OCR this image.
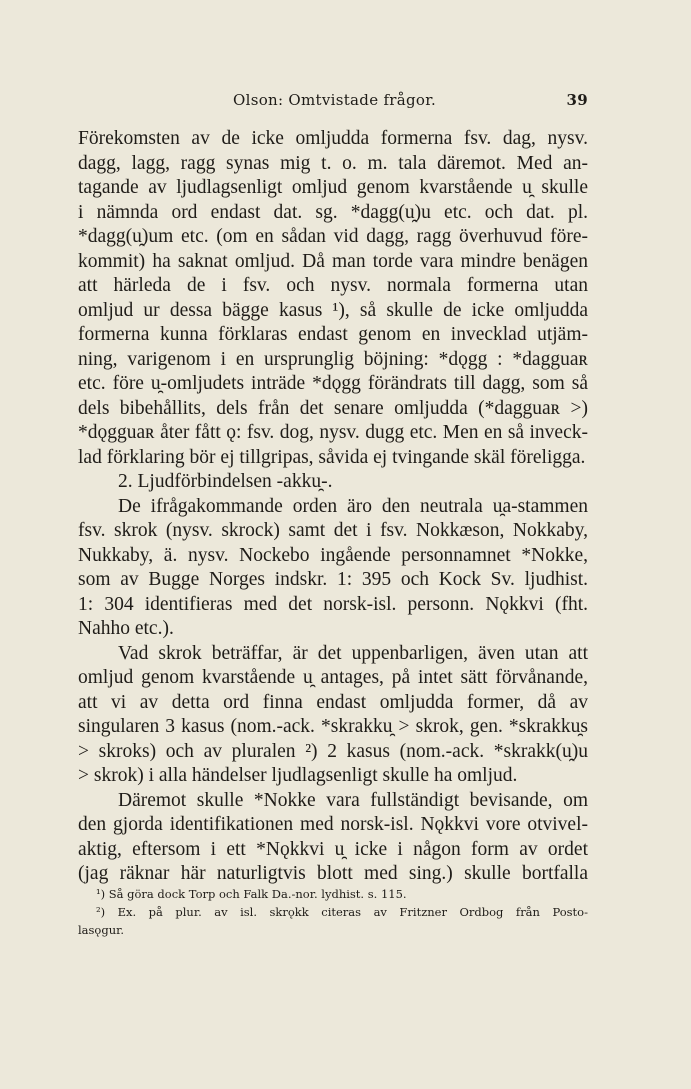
Olson: Omtvistade frågor.	39
Förekomsten av de icke omljudda formerna fsv. dag, nysv.
dagg, lagg, ragg synas mig t. o. m. tala däremot. Med an-
tagande av ljudlagsenligt omljud genom kvarstående u̯ skulle
i nämnda ord endast dat. sg. *dagg(u̯)u etc. och dat. pl.
*dagg(u̯)um etc. (om en sådan vid dagg, ragg överhuvud före-
kommit) ha saknat omljud. Då man torde vara mindre benägen
att härleda de i fsv. och nysv. normala formerna utan
omljud ur dessa bägge kasus ¹), så skulle de icke omljudda
formerna kunna förklaras endast genom en invecklad utjäm-
ning, varigenom i en ursprunglig böjning: *dǫgg : *dagguaʀ
etc. före u̯-omljudets inträde *dǫgg förändrats till dagg, som så
dels bibehållits, dels från det senare omljudda (*dagguaʀ >)
*dǫgguaʀ åter fått ǫ: fsv. dog, nysv. dugg etc. Men en så inveck-
lad förklaring bör ej tillgripas, såvida ej tvingande skäl föreligga.
2. Ljudförbindelsen -akku̯-.
De ifrågakommande orden äro den neutrala u̯a-stammen
fsv. skrok (nysv. skrock) samt det i fsv. Nokkæson, Nokkaby,
Nukkaby, ä. nysv. Nockebo ingående personnamnet *Nokke,
som av Bugge Norges indskr. 1: 395 och Kock Sv. ljudhist.
1: 304 identifieras med det norsk-isl. personn. Nǫkkvi (fht.
Nahho etc.).
Vad skrok beträffar, är det uppenbarligen, även utan att
omljud genom kvarstående u̯ antages, på intet sätt förvånande,
att vi av detta ord finna endast omljudda former, då av
singularen 3 kasus (nom.-ack. *skrakku̯ > skrok, gen. *skrakku̯s
> skroks) och av pluralen ²) 2 kasus (nom.-ack. *skrakk(u̯)u
> skrok) i alla händelser ljudlagsenligt skulle ha omljud.
Däremot skulle *Nokke vara fullständigt bevisande, om
den gjorda identifikationen med norsk-isl. Nǫkkvi vore otvivel-
aktig, eftersom i ett *Nǫkkvi u̯ icke i någon form av ordet
(jag räknar här naturligtvis blott med sing.) skulle bortfalla
¹) Så göra dock Torp och Falk Da.-nor. lydhist. s. 115.
²) Ex. på plur. av isl. skrǫkk citeras av Fritzner Ordbog från Posto-
lasǫgur.
